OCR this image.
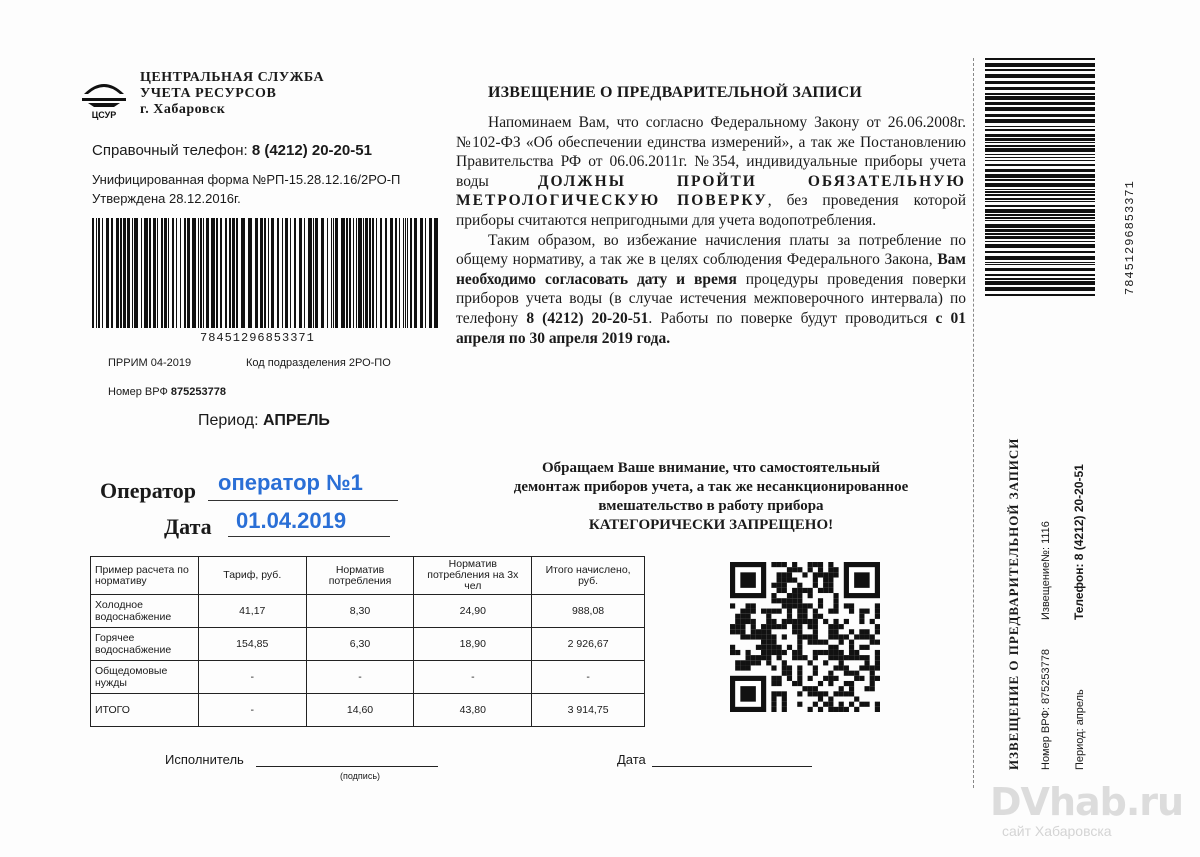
ЦСУР
ЦЕНТРАЛЬНАЯ СЛУЖБА
УЧЕТА РЕСУРСОВ
г. Хабаровск
Справочный телефон: 8 (4212) 20-20-51
Унифицированная форма №РП-15.28.12.16/2РО-П
Утверждена 28.12.2016г.
78451296853371
ПРРИМ 04-2019	Код подразделения 2РО-ПО
Номер ВРФ 875253778
Период: АПРЕЛЬ
Оператор оператор №1
Дата 01.04.2019
ИЗВЕЩЕНИЕ О ПРЕДВАРИТЕЛЬНОЙ ЗАПИСИ

Напоминаем Вам, что согласно Федеральному Закону от 26.06.2008г. №102-ФЗ «Об обеспечении единства измерений», а так же Постановлению Правительства РФ от 06.06.2011г. №354, индивидуальные приборы учета воды ДОЛЖНЫ ПРОЙТИ ОБЯЗАТЕЛЬНУЮ МЕТРОЛОГИЧЕСКУЮ ПОВЕРКУ, без проведения которой приборы считаются непригодными для учета водопотребления.

Таким образом, во избежание начисления платы за потребление по общему нормативу, а так же в целях соблюдения Федерального Закона, Вам необходимо согласовать дату и время процедуры проведения поверки приборов учета воды (в случае истечения межповерочного интервала) по телефону 8 (4212) 20-20-51. Работы по поверке будут проводиться с 01 апреля по 30 апреля 2019 года.

Обращаем Ваше внимание, что самостоятельный
демонтаж приборов учета, а так же несанкционированное
вмешательство в работу прибора
КАТЕГОРИЧЕСКИ ЗАПРЕЩЕНО!
Пример расчета по нормативу	Тариф, руб.	Норматив потребления	Норматив потребления на 3х чел	Итого начислено, руб.
Холодное водоснабжение	41,17	8,30	24,90	988,08
Горячее водоснабжение	154,85	6,30	18,90	2 926,67
Общедомовые нужды	-	-	-	-
ИТОГО	-	14,60	43,80	3 914,75
Исполнитель
(подпись)
Дата
78451296853371
ИЗВЕЩЕНИЕ О ПРЕДВАРИТЕЛЬНОЙ ЗАПИСИ Номер ВРФ: 875253778
Извещение№: 1116
Период: апрель
Телефон: 8 (4212) 20-20-51
DVhab.ru
сайт Хабаровска
